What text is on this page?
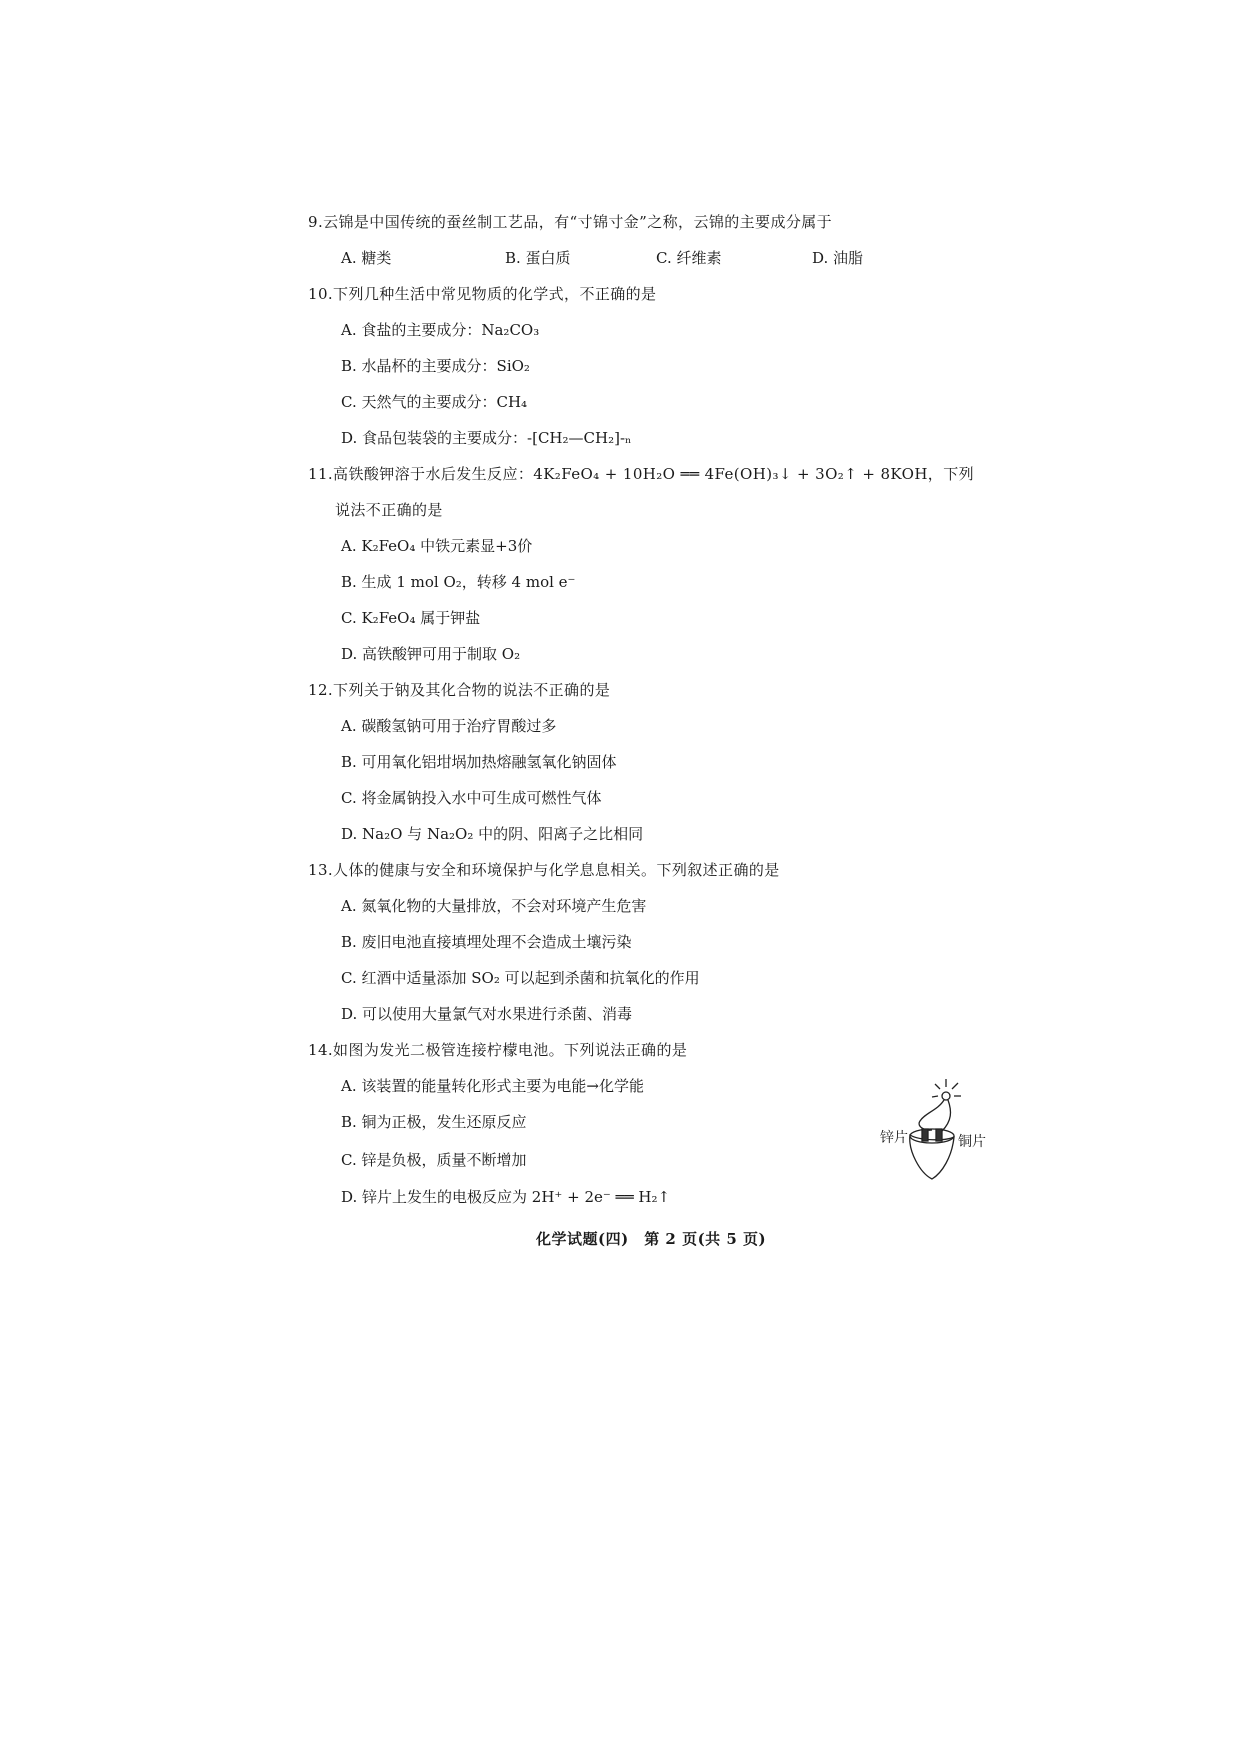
9.云锦是中国传统的蚕丝制工艺品，有“寸锦寸金”之称，云锦的主要成分属于
A. 糖类	B. 蛋白质	C. 纤维素	D. 油脂
10.下列几种生活中常见物质的化学式，不正确的是
A. 食盐的主要成分：Na₂CO₃
B. 水晶杯的主要成分：SiO₂
C. 天然气的主要成分：CH₄
D. 食品包装袋的主要成分：-[CH₂—CH₂]-ₙ
11.高铁酸钾溶于水后发生反应：4K₂FeO₄ + 10H₂O ══ 4Fe(OH)₃↓ + 3O₂↑ + 8KOH，下列
说法不正确的是
A. K₂FeO₄ 中铁元素显+3价
B. 生成 1 mol O₂，转移 4 mol e⁻
C. K₂FeO₄ 属于钾盐
D. 高铁酸钾可用于制取 O₂
12.下列关于钠及其化合物的说法不正确的是
A. 碳酸氢钠可用于治疗胃酸过多
B. 可用氧化铝坩埚加热熔融氢氧化钠固体
C. 将金属钠投入水中可生成可燃性气体
D. Na₂O 与 Na₂O₂ 中的阴、阳离子之比相同
13.人体的健康与安全和环境保护与化学息息相关。下列叙述正确的是
A. 氮氧化物的大量排放，不会对环境产生危害
B. 废旧电池直接填埋处理不会造成土壤污染
C. 红酒中适量添加 SO₂ 可以起到杀菌和抗氧化的作用
D. 可以使用大量氯气对水果进行杀菌、消毒
14.如图为发光二极管连接柠檬电池。下列说法正确的是
A. 该装置的能量转化形式主要为电能→化学能
B. 铜为正极，发生还原反应
C. 锌是负极，质量不断增加
D. 锌片上发生的电极反应为 2H⁺ + 2e⁻ ══ H₂↑
锌片	铜片
化学试题(四)　第 2 页(共 5 页)
